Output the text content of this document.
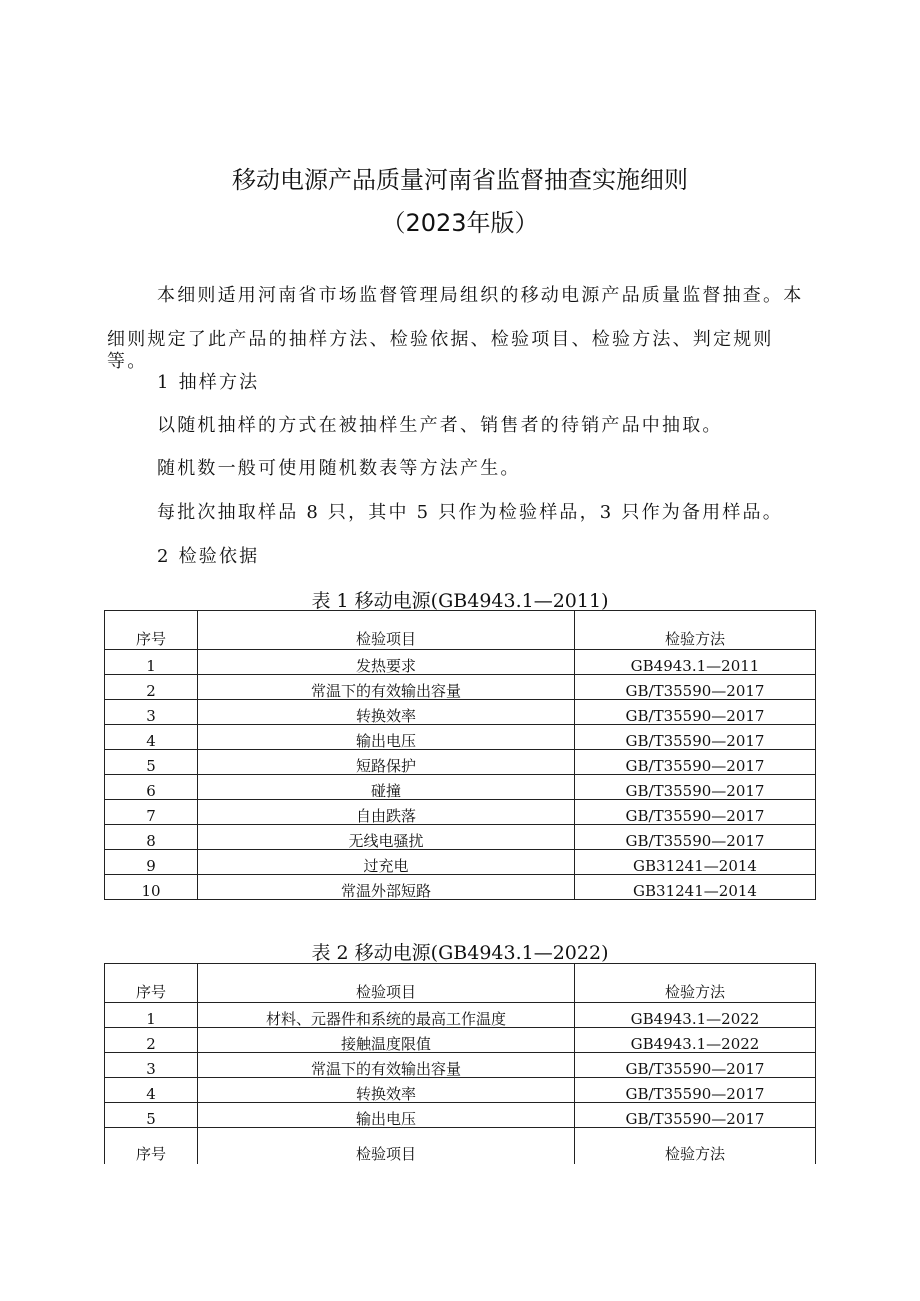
移动电源产品质量河南省监督抽查实施细则
（2023年版）
本细则适用河南省市场监督管理局组织的移动电源产品质量监督抽查。本
细则规定了此产品的抽样方法、检验依据、检验项目、检验方法、判定规则等。
1 抽样方法
以随机抽样的方式在被抽样生产者、销售者的待销产品中抽取。
随机数一般可使用随机数表等方法产生。
每批次抽取样品 8 只，其中 5 只作为检验样品，3 只作为备用样品。
2 检验依据
表 1 移动电源(GB4943.1—2011)
序号	检验项目	检验方法
1	发热要求	GB4943.1—2011
2	常温下的有效输出容量	GB/T35590—2017
3	转换效率	GB/T35590—2017
4	输出电压	GB/T35590—2017
5	短路保护	GB/T35590—2017
6	碰撞	GB/T35590—2017
7	自由跌落	GB/T35590—2017
8	无线电骚扰	GB/T35590—2017
9	过充电	GB31241—2014
10	常温外部短路	GB31241—2014
表 2 移动电源(GB4943.1—2022)
序号	检验项目	检验方法
1	材料、元器件和系统的最高工作温度	GB4943.1—2022
2	接触温度限值	GB4943.1—2022
3	常温下的有效输出容量	GB/T35590—2017
4	转换效率	GB/T35590—2017
5	输出电压	GB/T35590—2017
序号	检验项目	检验方法
